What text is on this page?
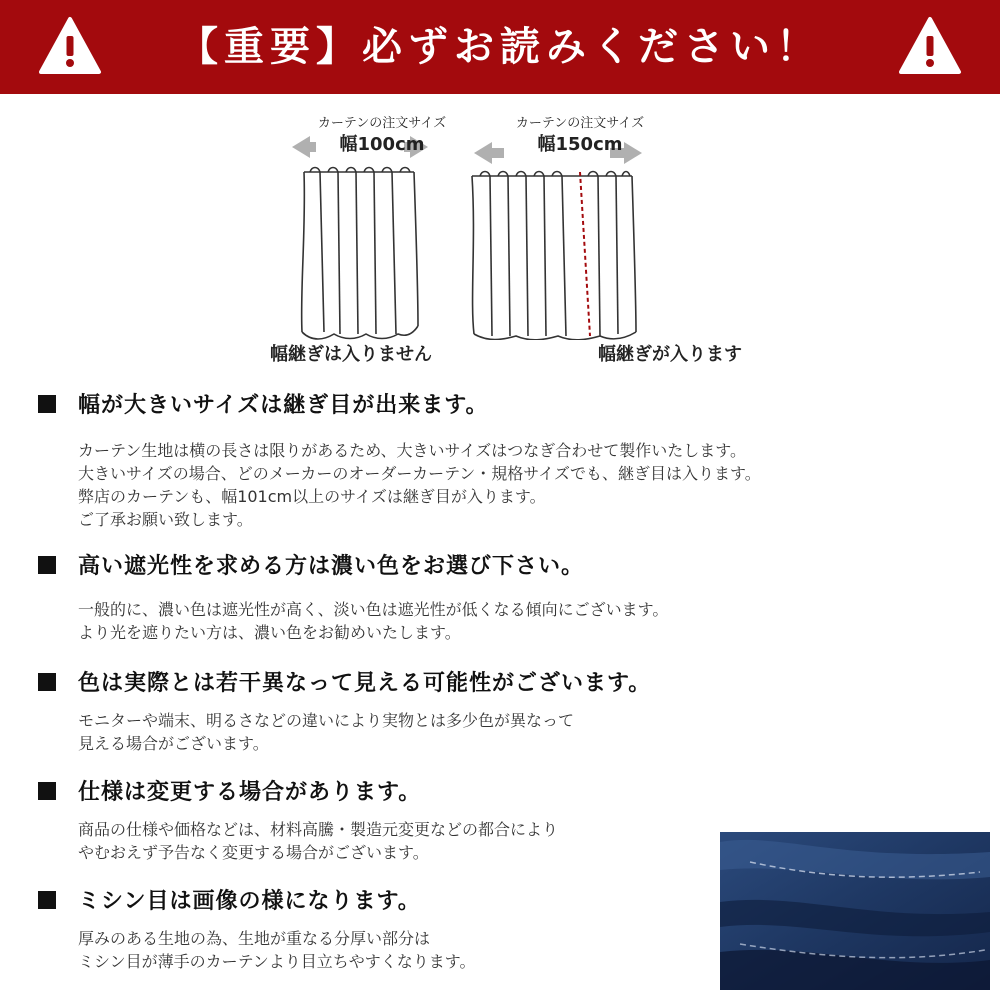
【重要】必ずお読みください！
カーテンの注文サイズ
幅100cm
幅継ぎは入りません
カーテンの注文サイズ
幅150cm
幅継ぎが入ります
幅が大きいサイズは継ぎ目が出来ます。
カーテン生地は横の長さは限りがあるため、大きいサイズはつなぎ合わせて製作いたします。
大きいサイズの場合、どのメーカーのオーダーカーテン・規格サイズでも、継ぎ目は入ります。
弊店のカーテンも、幅101cm以上のサイズは継ぎ目が入ります。
ご了承お願い致します。
高い遮光性を求める方は濃い色をお選び下さい。
一般的に、濃い色は遮光性が高く、淡い色は遮光性が低くなる傾向にございます。
より光を遮りたい方は、濃い色をお勧めいたします。
色は実際とは若干異なって見える可能性がございます。
モニターや端末、明るさなどの違いにより実物とは多少色が異なって
見える場合がございます。
仕様は変更する場合があります。
商品の仕様や価格などは、材料高騰・製造元変更などの都合により
やむおえず予告なく変更する場合がございます。
ミシン目は画像の様になります。
厚みのある生地の為、生地が重なる分厚い部分は
ミシン目が薄手のカーテンより目立ちやすくなります。
